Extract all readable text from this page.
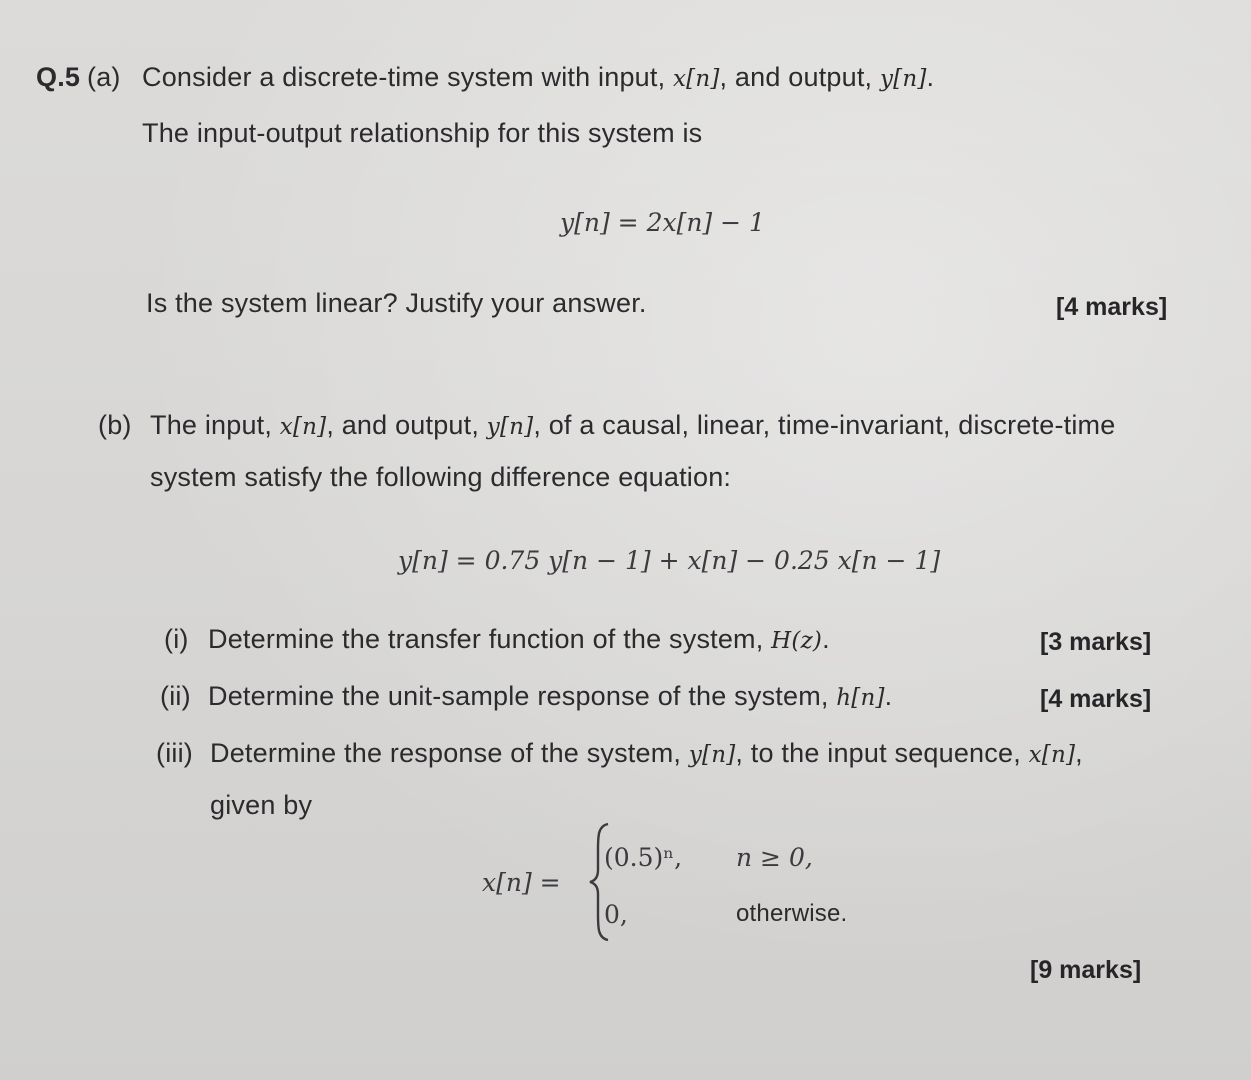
Q.5 (a) Consider a discrete-time system with input, x[n], and output, y[n].
The input-output relationship for this system is
y[n] = 2x[n] − 1
Is the system linear? Justify your answer.	[4 marks]
(b) The input, x[n], and output, y[n], of a causal, linear, time-invariant, discrete-time
system satisfy the following difference equation:
y[n] = 0.75 y[n − 1] + x[n] − 0.25 x[n − 1]
(i) Determine the transfer function of the system, H(z).	[3 marks]
(ii) Determine the unit-sample response of the system, h[n].	[4 marks]
(iii) Determine the response of the system, y[n], to the input sequence, x[n],
given by
x[n] =
(0.5)ⁿ, n ≥ 0,
0,	otherwise.
[9 marks]
